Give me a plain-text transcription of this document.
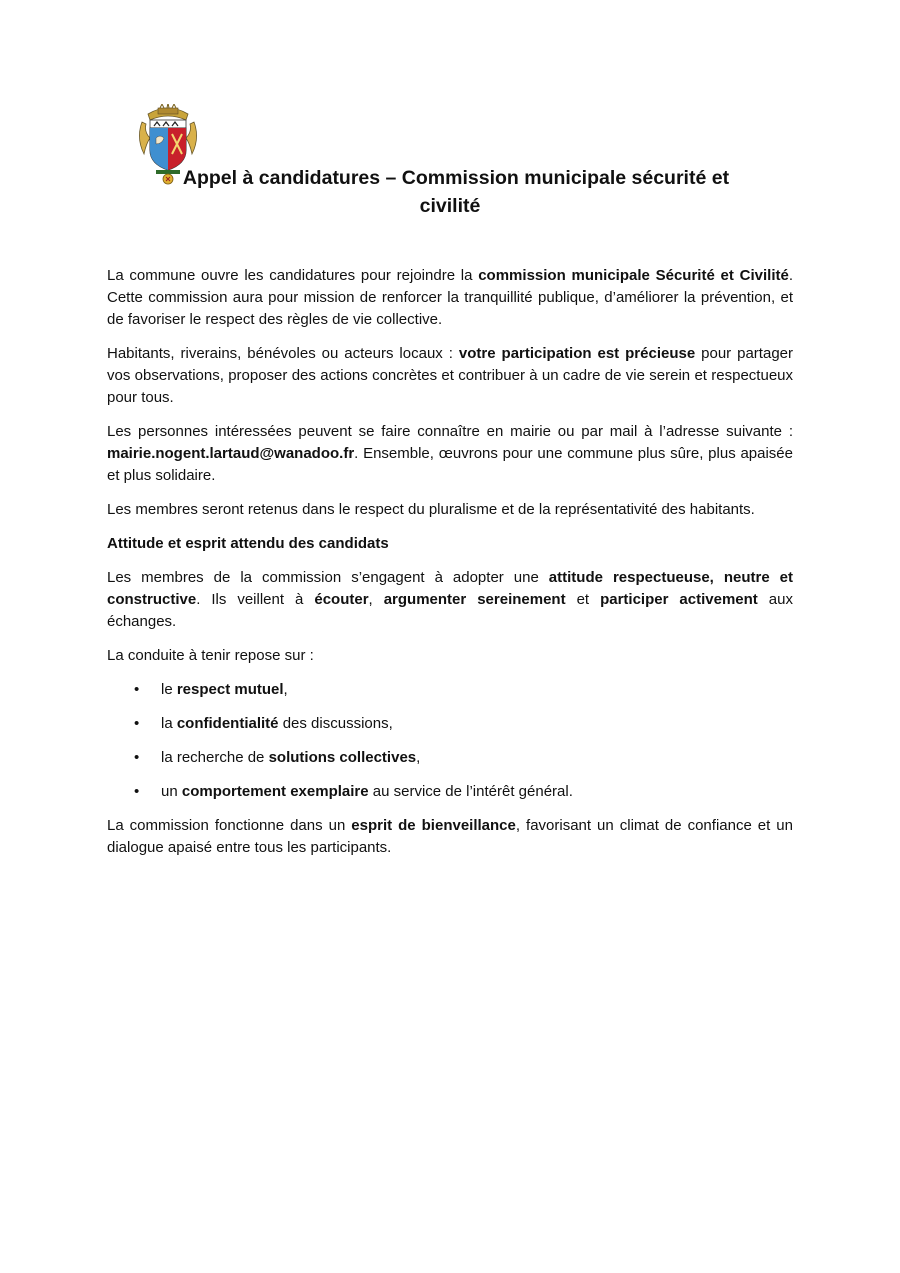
Appel à candidatures – Commission municipale sécurité et
civilité

La commune ouvre les candidatures pour rejoindre la commission municipale Sécurité et Civilité. Cette commission aura pour mission de renforcer la tranquillité publique, d’améliorer la prévention, et de favoriser le respect des règles de vie collective.

Habitants, riverains, bénévoles ou acteurs locaux : votre participation est précieuse pour partager vos observations, proposer des actions concrètes et contribuer à un cadre de vie serein et respectueux pour tous.

Les personnes intéressées peuvent se faire connaître en mairie ou par mail à l’adresse suivante : mairie.nogent.lartaud@wanadoo.fr. Ensemble, œuvrons pour une commune plus sûre, plus apaisée et plus solidaire.

Les membres seront retenus dans le respect du pluralisme et de la représentativité des habitants.

Attitude et esprit attendu des candidats

Les membres de la commission s’engagent à adopter une attitude respectueuse, neutre et constructive. Ils veillent à écouter, argumenter sereinement et participer activement aux échanges.

La conduite à tenir repose sur :

• le respect mutuel,
• la confidentialité des discussions,
• la recherche de solutions collectives,
• un comportement exemplaire au service de l’intérêt général.

La commission fonctionne dans un esprit de bienveillance, favorisant un climat de confiance et un dialogue apaisé entre tous les participants.
